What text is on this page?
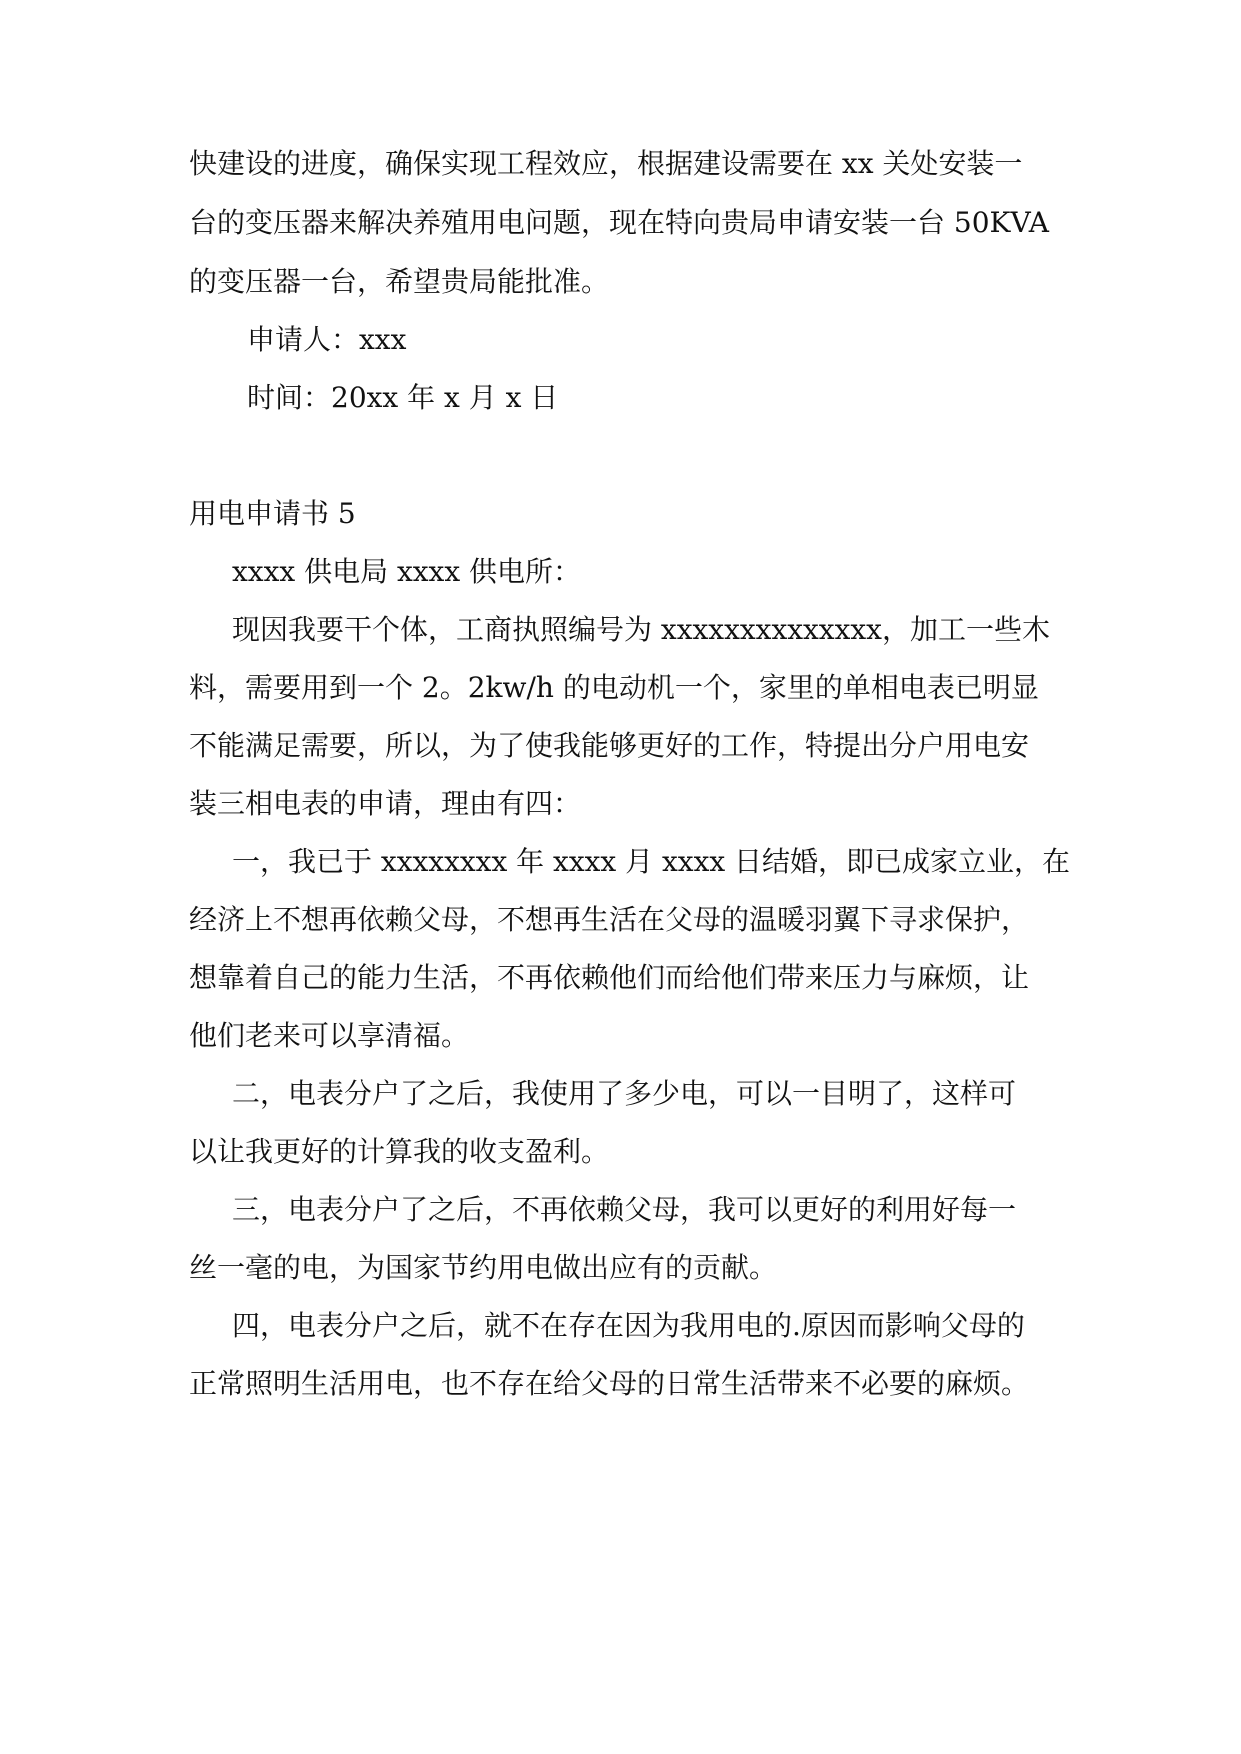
快建设的进度，确保实现工程效应，根据建设需要在 xx 关处安装一
台的变压器来解决养殖用电问题，现在特向贵局申请安装一台 50KVA
的变压器一台，希望贵局能批准。
申请人：xxx
时间：20xx 年 x 月 x 日
用电申请书 5
xxxx 供电局 xxxx 供电所：
现因我要干个体，工商执照编号为 xxxxxxxxxxxxxx，加工一些木
料，需要用到一个 2。2kw/h 的电动机一个，家里的单相电表已明显
不能满足需要，所以，为了使我能够更好的工作，特提出分户用电安
装三相电表的申请，理由有四：
一，我已于 xxxxxxxx 年 xxxx 月 xxxx 日结婚，即已成家立业，在
经济上不想再依赖父母，不想再生活在父母的温暖羽翼下寻求保护，
想靠着自己的能力生活，不再依赖他们而给他们带来压力与麻烦，让
他们老来可以享清福。
二，电表分户了之后，我使用了多少电，可以一目明了，这样可
以让我更好的计算我的收支盈利。
三，电表分户了之后，不再依赖父母，我可以更好的利用好每一
丝一毫的电，为国家节约用电做出应有的贡献。
四，电表分户之后，就不在存在因为我用电的.原因而影响父母的
正常照明生活用电，也不存在给父母的日常生活带来不必要的麻烦。
